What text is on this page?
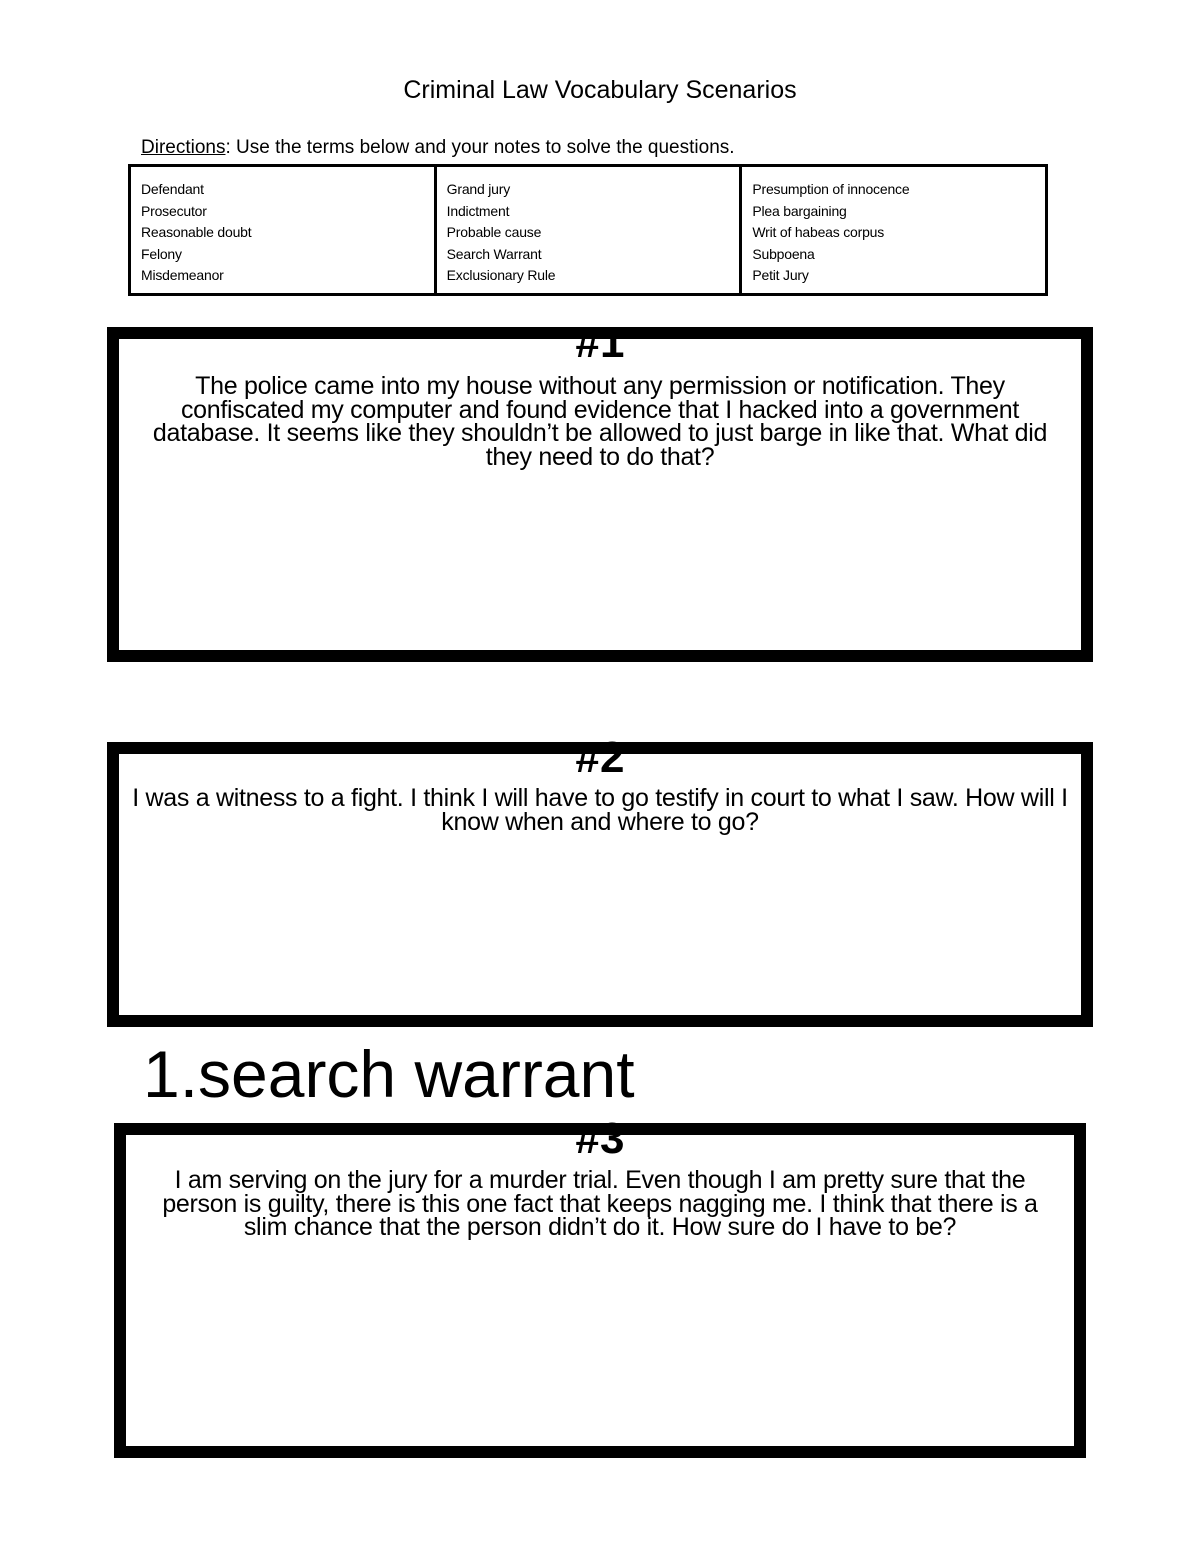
Criminal Law Vocabulary Scenarios
Directions: Use the terms below and your notes to solve the questions.
Defendant
Prosecutor
Reasonable doubt
Felony
Misdemeanor
Grand jury
Indictment
Probable cause
Search Warrant
Exclusionary Rule
Presumption of innocence
Plea bargaining
Writ of habeas corpus
Subpoena
Petit Jury
#1
The police came into my house without any permission or notification. They confiscated my computer and found evidence that I hacked into a government database. It seems like they shouldn’t be allowed to just barge in like that. What did they need to do that?
#2
I was a witness to a fight. I think I will have to go testify in court to what I saw. How will I know when and where to go?
1.search warrant
#3
I am serving on the jury for a murder trial. Even though I am pretty sure that the person is guilty, there is this one fact that keeps nagging me. I think that there is a slim chance that the person didn’t do it. How sure do I have to be?
